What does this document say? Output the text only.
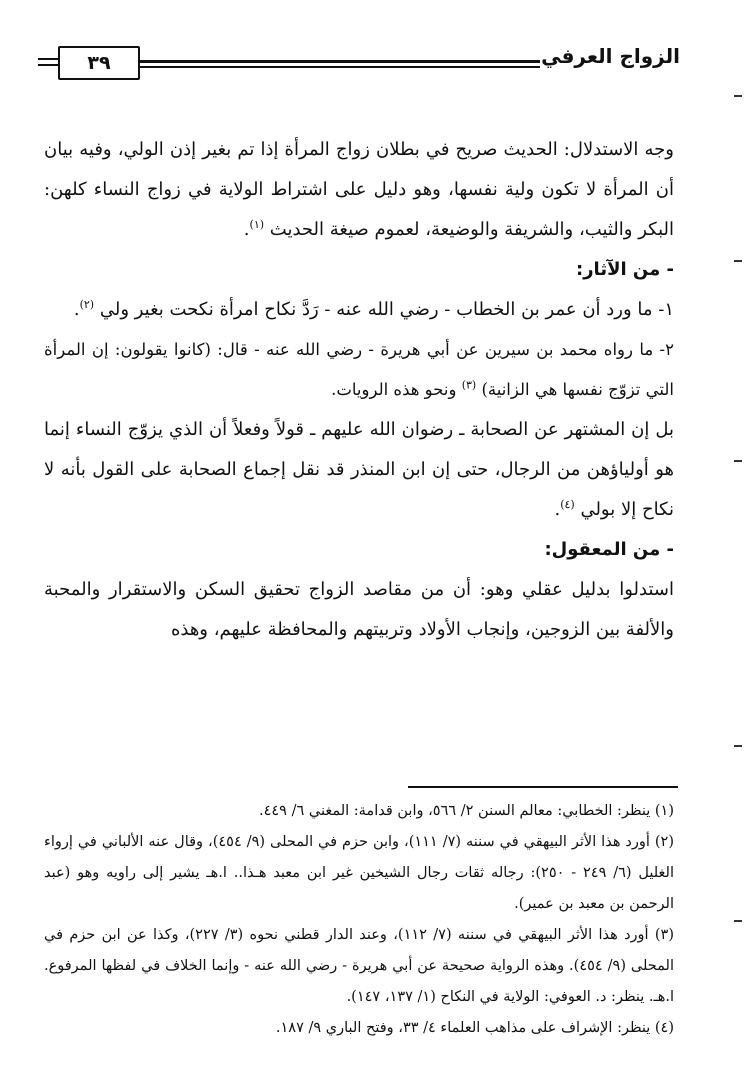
٣٩	الزواج العرفي

وجه الاستدلال: الحديث صريح في بطلان زواج المرأة إذا تم بغير إذن الولي، وفيه بيان أن المرأة لا تكون ولية نفسها، وهو دليل على اشتراط الولاية في زواج النساء كلهن: البكر والثيب، والشريفة والوضيعة، لعموم صيغة الحديث $^{(١)}$.

- من الآثار:

١- ما ورد أن عمر بن الخطاب - رضي الله عنه - رَدَّ نكاح امرأة نكحت بغير ولي $^{(٢)}$.

٢- ما رواه محمد بن سيرين عن أبي هريرة - رضي الله عنه - قال: (كانوا يقولون: إن المرأة التي تزوّج نفسها هي الزانية) $^{(٣)}$ ونحو هذه الرويات.

بل إن المشتهر عن الصحابة ـ رضوان الله عليهم ـ قولاً وفعلاً أن الذي يزوّج النساء إنما هو أولياؤهن من الرجال، حتى إن ابن المنذر قد نقل إجماع الصحابة على القول بأنه لا نكاح إلا بولي $^{(٤)}$.

- من المعقول:

استدلوا بدليل عقلي وهو: أن من مقاصد الزواج تحقيق السكن والاستقرار والمحبة والألفة بين الزوجين، وإنجاب الأولاد وتربيتهم والمحافظة عليهم، وهذه

(١) ينظر: الخطابي: معالم السنن ٢/ ٥٦٦، وابن قدامة: المغني ٦/ ٤٤٩.

(٢) أورد هذا الأثر البيهقي في سننه (٧/ ١١١)، وابن حزم في المحلى (٩/ ٤٥٤)، وقال عنه الألباني في إرواء الغليل (٦/ ٢٤٩ - ٢٥٠): رجاله ثقات رجال الشيخين غير ابن معبد هـذا.. ا.هـ يشير إلى راويه وهو (عبد الرحمن بن معبد بن عمير).

(٣) أورد هذا الأثر البيهقي في سننه (٧/ ١١٢)، وعند الدار قطني نحوه (٣/ ٢٢٧)، وكذا عن ابن حزم في المحلى (٩/ ٤٥٤). وهذه الرواية صحيحة عن أبي هريرة - رضي الله عنه - وإنما الخلاف في لفظها المرفوع. ا.هـ. ينظر: د. العوفي: الولاية في النكاح (١/ ١٣٧، ١٤٧).

(٤) ينظر: الإشراف على مذاهب العلماء ٤/ ٣٣، وفتح الباري ٩/ ١٨٧.
